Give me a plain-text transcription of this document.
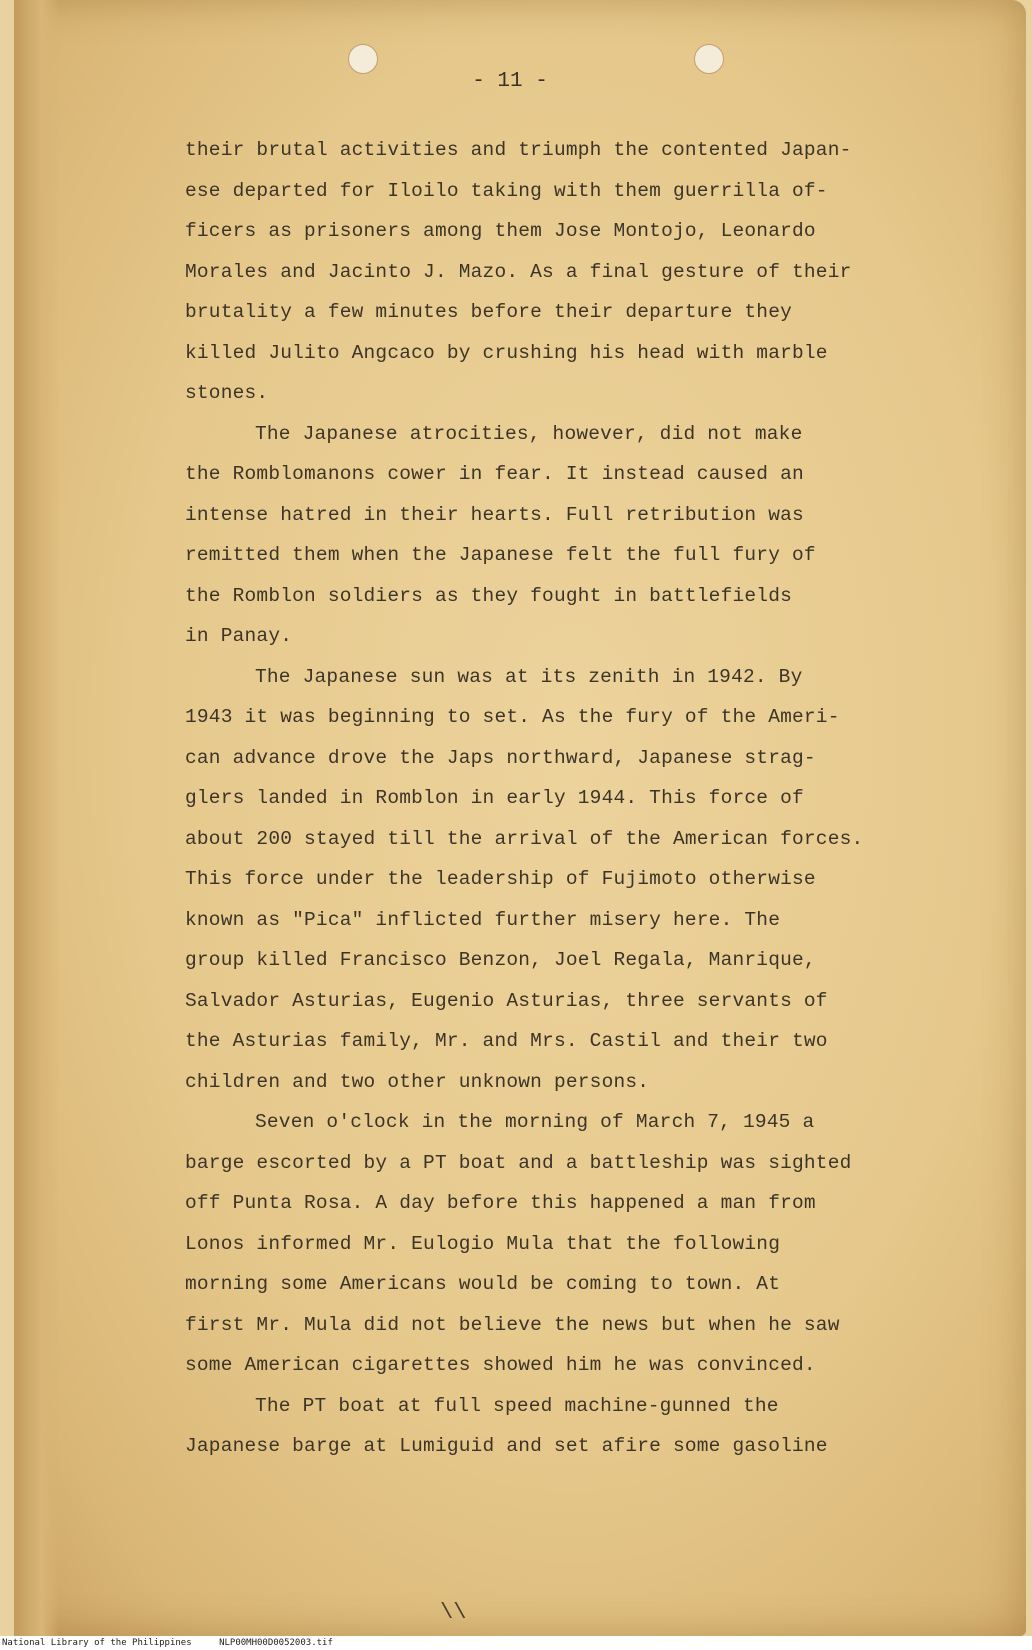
- 11 -
their brutal activities and triumph the contented Japan-
ese departed for Iloilo taking with them guerrilla of-
ficers as prisoners among them Jose Montojo, Leonardo
Morales and Jacinto J. Mazo. As a final gesture of their
brutality a few minutes before their departure they
killed Julito Angcaco by crushing his head with marble
stones.
The Japanese atrocities, however, did not make
the Romblomanons cower in fear. It instead caused an
intense hatred in their hearts. Full retribution was
remitted them when the Japanese felt the full fury of
the Romblon soldiers as they fought in battlefields
in Panay.
The Japanese sun was at its zenith in 1942. By
1943 it was beginning to set. As the fury of the Ameri-
can advance drove the Japs northward, Japanese strag-
glers landed in Romblon in early 1944. This force of
about 200 stayed till the arrival of the American forces.
This force under the leadership of Fujimoto otherwise
known as "Pica" inflicted further misery here. The
group killed Francisco Benzon, Joel Regala, Manrique,
Salvador Asturias, Eugenio Asturias, three servants of
the Asturias family, Mr. and Mrs. Castil and their two
children and two other unknown persons.
Seven o'clock in the morning of March 7, 1945 a
barge escorted by a PT boat and a battleship was sighted
off Punta Rosa. A day before this happened a man from
Lonos informed Mr. Eulogio Mula that the following
morning some Americans would be coming to town. At
first Mr. Mula did not believe the news but when he saw
some American cigarettes showed him he was convinced.
The PT boat at full speed machine-gunned the
Japanese barge at Lumiguid and set afire some gasoline
\\
National Library of the Philippines	NLP00MH00D0052003.tif
